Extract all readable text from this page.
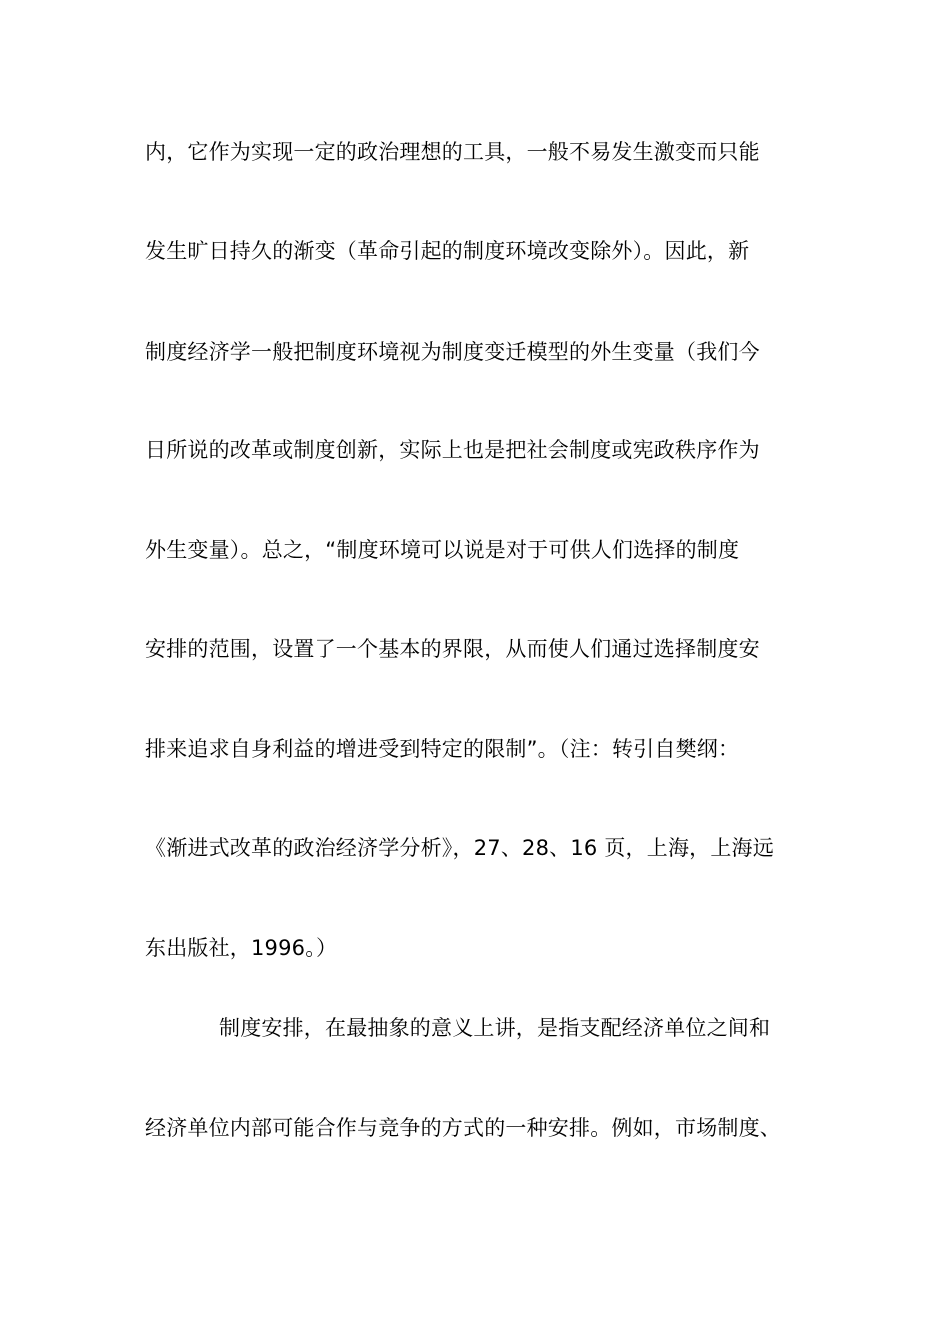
内，它作为实现一定的政治理想的工具，一般不易发生激变而只能
发生旷日持久的渐变（革命引起的制度环境改变除外）。因此，新
制度经济学一般把制度环境视为制度变迁模型的外生变量（我们今
日所说的改革或制度创新，实际上也是把社会制度或宪政秩序作为
外生变量）。总之，“制度环境可以说是对于可供人们选择的制度
安排的范围，设置了一个基本的界限，从而使人们通过选择制度安
排来追求自身利益的增进受到特定的限制”。（注：转引自樊纲：
《渐进式改革的政治经济学分析》，27、28、16 页，上海，上海远
东出版社，1996。）
制度安排，在最抽象的意义上讲，是指支配经济单位之间和
经济单位内部可能合作与竞争的方式的一种安排。例如，市场制度、
